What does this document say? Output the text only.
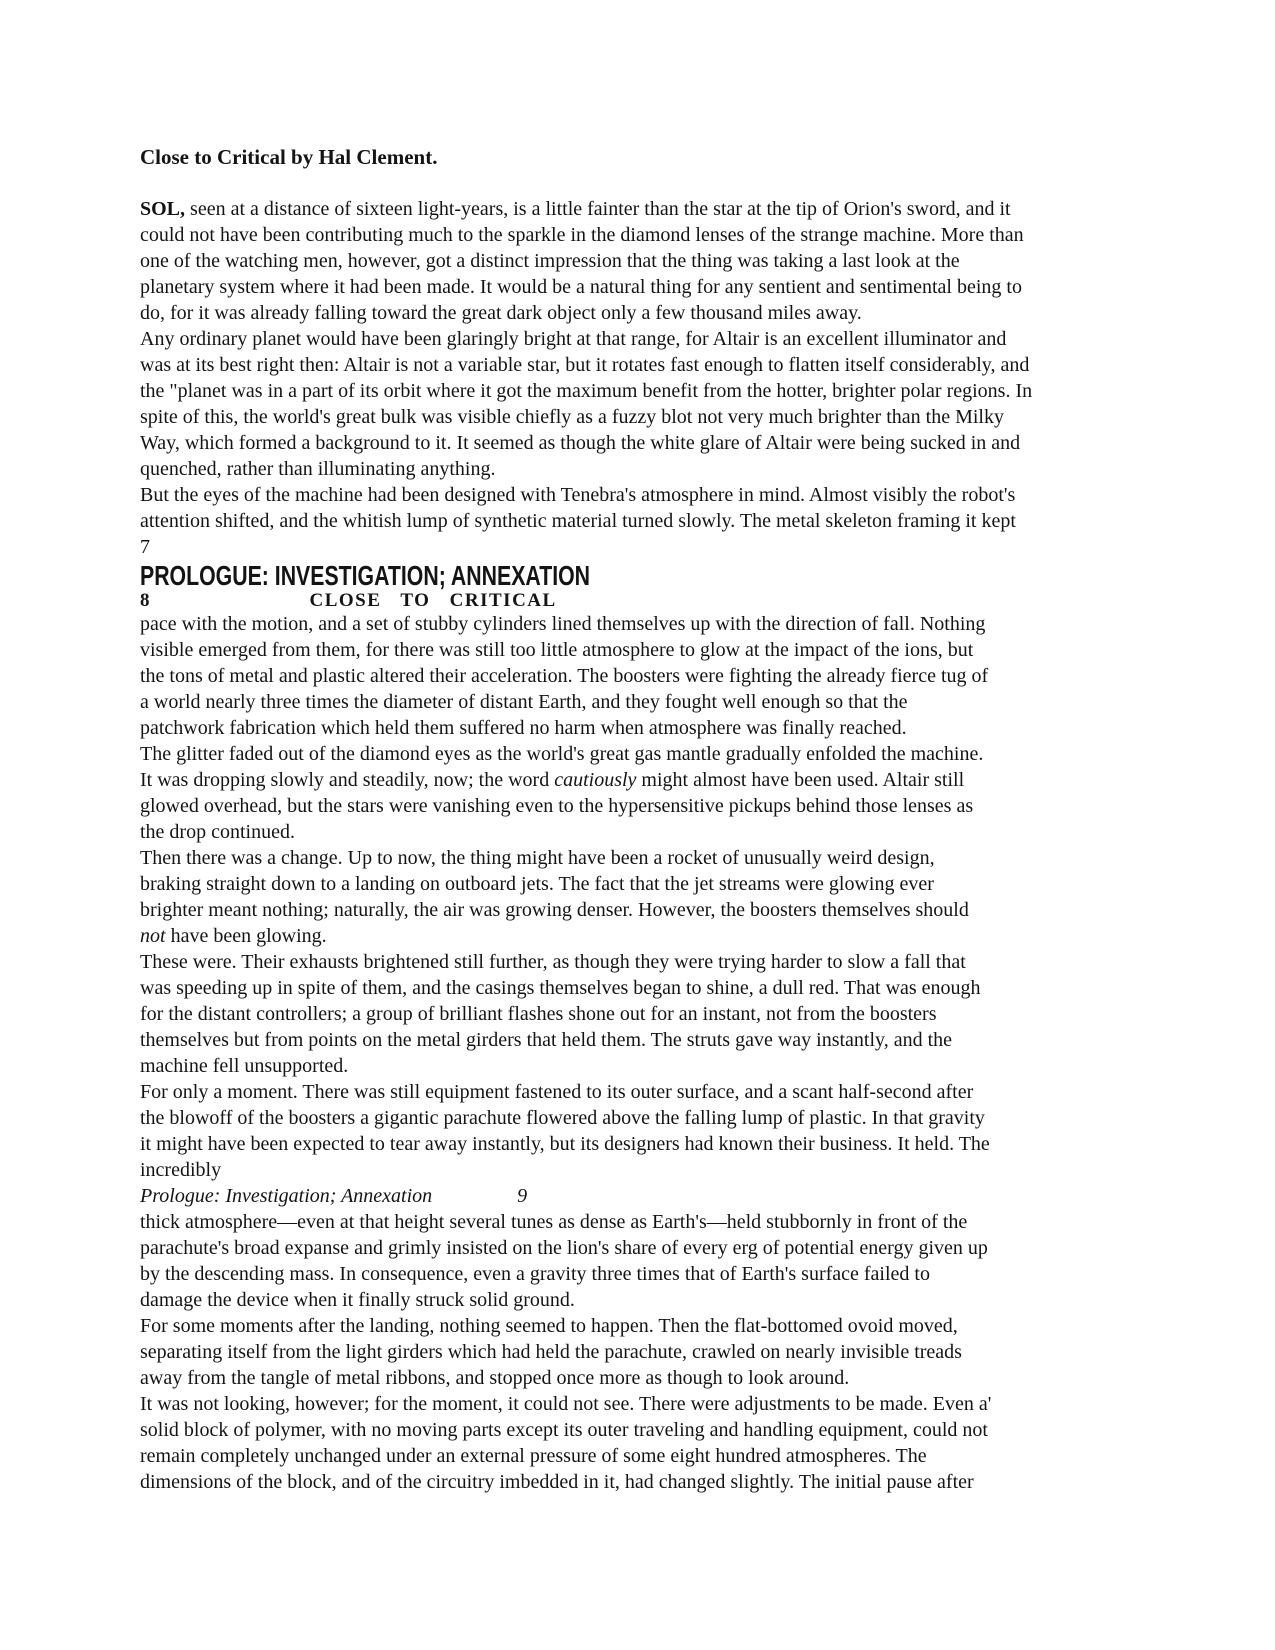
Close to Critical by Hal Clement.
SOL, seen at a distance of sixteen light-years, is a little fainter than the star at the tip of Orion's sword, and it
could not have been contributing much to the sparkle in the diamond lenses of the strange machine. More than
one of the watching men, however, got a distinct impression that the thing was taking a last look at the
planetary system where it had been made. It would be a natural thing for any sentient and sentimental being to
do, for it was already falling toward the great dark object only a few thousand miles away.
Any ordinary planet would have been glaringly bright at that range, for Altair is an excellent illuminator and
was at its best right then: Altair is not a variable star, but it rotates fast enough to flatten itself considerably, and
the "planet was in a part of its orbit where it got the maximum benefit from the hotter, brighter polar regions. In
spite of this, the world's great bulk was visible chiefly as a fuzzy blot not very much brighter than the Milky
Way, which formed a background to it. It seemed as though the white glare of Altair were being sucked in and
quenched, rather than illuminating anything.
But the eyes of the machine had been designed with Tenebra's atmosphere in mind. Almost visibly the robot's
attention shifted, and the whitish lump of synthetic material turned slowly. The metal skeleton framing it kept
7
PROLOGUE: INVESTIGATION; ANNEXATION
8	CLOSE TO CRITICAL
pace with the motion, and a set of stubby cylinders lined themselves up with the direction of fall. Nothing
visible emerged from them, for there was still too little atmosphere to glow at the impact of the ions, but
the tons of metal and plastic altered their acceleration. The boosters were fighting the already fierce tug of
a world nearly three times the diameter of distant Earth, and they fought well enough so that the
patchwork fabrication which held them suffered no harm when atmosphere was finally reached.
The glitter faded out of the diamond eyes as the world's great gas mantle gradually enfolded the machine.
It was dropping slowly and steadily, now; the word cautiously might almost have been used. Altair still
glowed overhead, but the stars were vanishing even to the hypersensitive pickups behind those lenses as
the drop continued.
Then there was a change. Up to now, the thing might have been a rocket of unusually weird design,
braking straight down to a landing on outboard jets. The fact that the jet streams were glowing ever
brighter meant nothing; naturally, the air was growing denser. However, the boosters themselves should
not have been glowing.
These were. Their exhausts brightened still further, as though they were trying harder to slow a fall that
was speeding up in spite of them, and the casings themselves began to shine, a dull red. That was enough
for the distant controllers; a group of brilliant flashes shone out for an instant, not from the boosters
themselves but from points on the metal girders that held them. The struts gave way instantly, and the
machine fell unsupported.
For only a moment. There was still equipment fastened to its outer surface, and a scant half-second after
the blowoff of the boosters a gigantic parachute flowered above the falling lump of plastic. In that gravity
it might have been expected to tear away instantly, but its designers had known their business. It held. The
incredibly
Prologue: Investigation; Annexation	9
thick atmosphere—even at that height several tunes as dense as Earth's—held stubbornly in front of the
parachute's broad expanse and grimly insisted on the lion's share of every erg of potential energy given up
by the descending mass. In consequence, even a gravity three times that of Earth's surface failed to
damage the device when it finally struck solid ground.
For some moments after the landing, nothing seemed to happen. Then the flat-bottomed ovoid moved,
separating itself from the light girders which had held the parachute, crawled on nearly invisible treads
away from the tangle of metal ribbons, and stopped once more as though to look around.
It was not looking, however; for the moment, it could not see. There were adjustments to be made. Even a'
solid block of polymer, with no moving parts except its outer traveling and handling equipment, could not
remain completely unchanged under an external pressure of some eight hundred atmospheres. The
dimensions of the block, and of the circuitry imbedded in it, had changed slightly. The initial pause after
